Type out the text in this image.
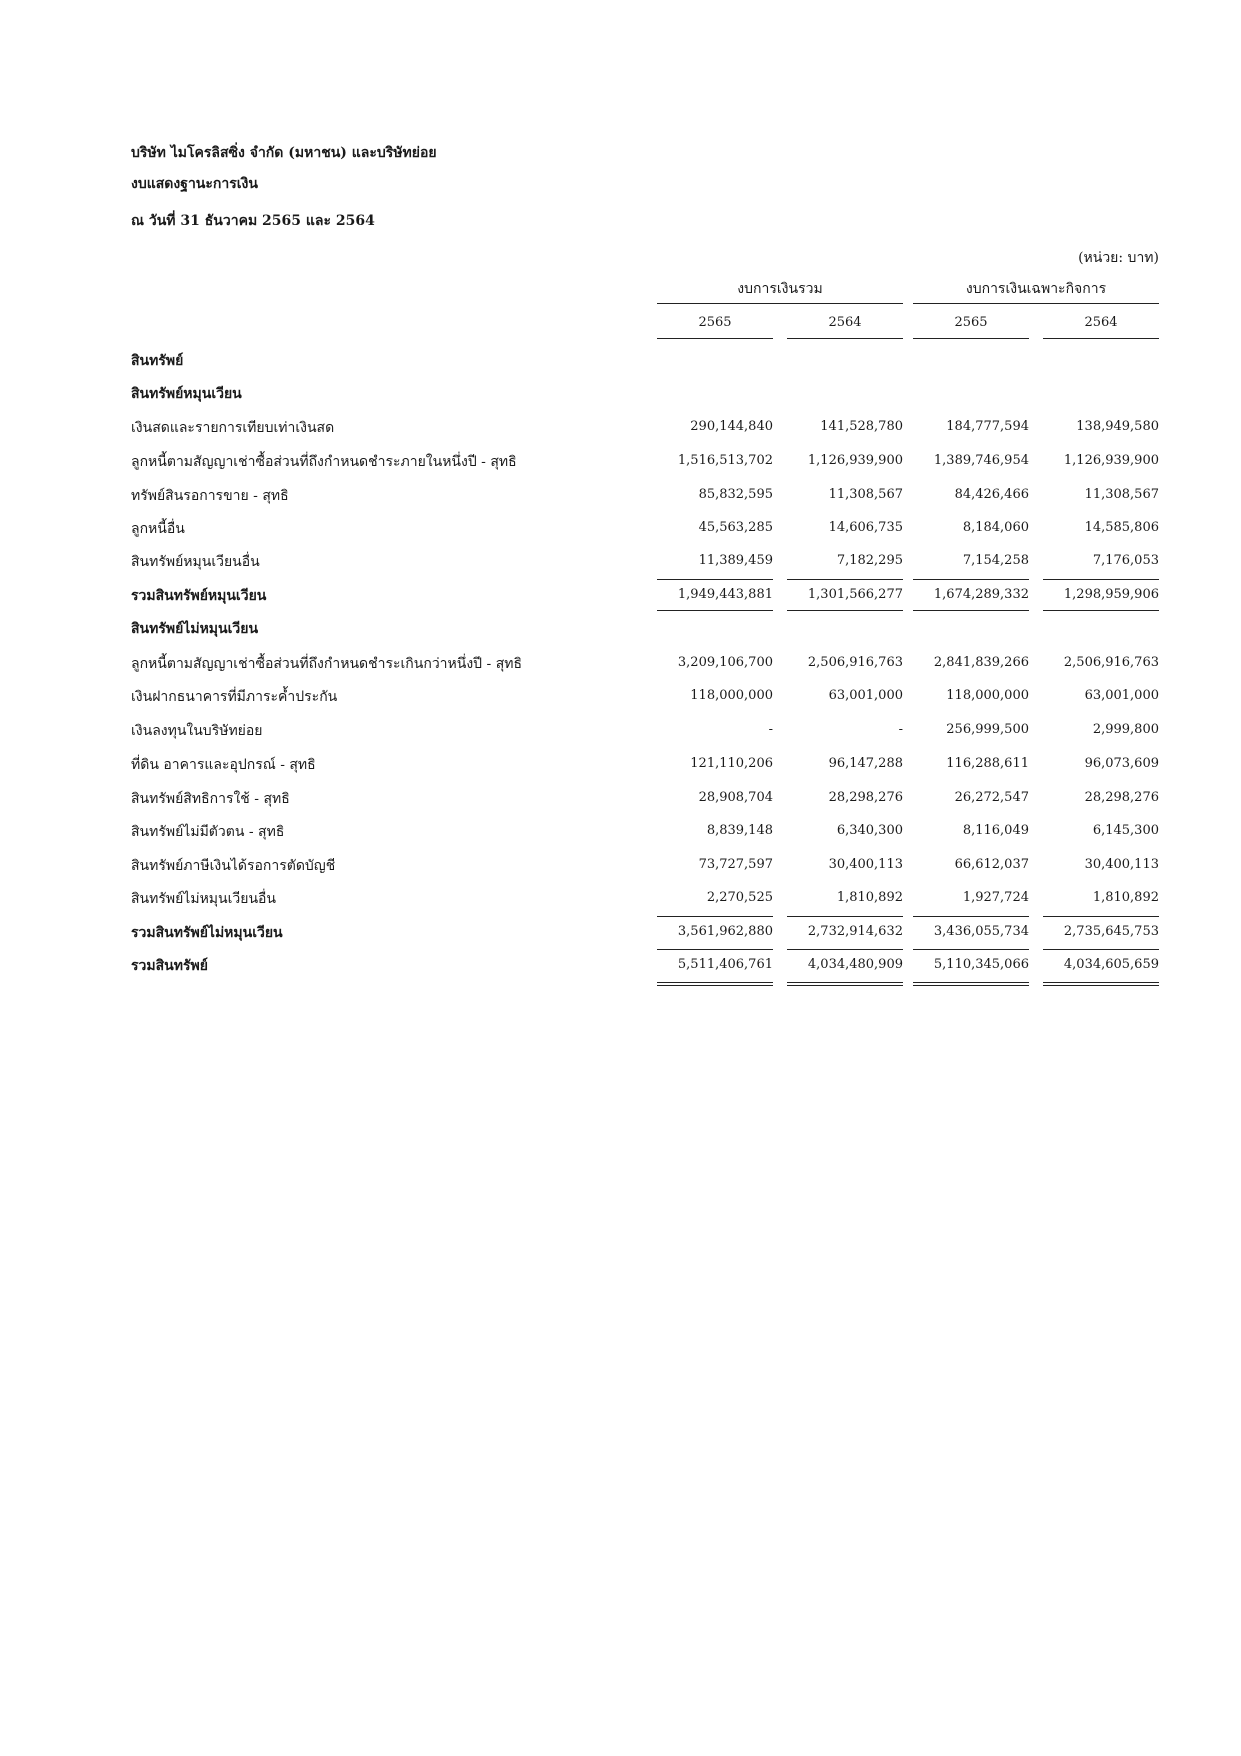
บริษัท ไมโครลิสซิ่ง จำกัด (มหาชน) และบริษัทย่อย
งบแสดงฐานะการเงิน
ณ วันที่ 31 ธันวาคม 2565 และ 2564
(หน่วย: บาท)
งบการเงินรวม	งบการเงินเฉพาะกิจการ
2565	2564	2565	2564
สินทรัพย์
สินทรัพย์หมุนเวียน
เงินสดและรายการเทียบเท่าเงินสด	290,144,840	141,528,780	184,777,594	138,949,580
ลูกหนี้ตามสัญญาเช่าซื้อส่วนที่ถึงกำหนดชำระภายในหนึ่งปี - สุทธิ	1,516,513,702	1,126,939,900	1,389,746,954	1,126,939,900
ทรัพย์สินรอการขาย - สุทธิ	85,832,595	11,308,567	84,426,466	11,308,567
ลูกหนี้อื่น	45,563,285	14,606,735	8,184,060	14,585,806
สินทรัพย์หมุนเวียนอื่น	11,389,459	7,182,295	7,154,258	7,176,053
รวมสินทรัพย์หมุนเวียน	1,949,443,881	1,301,566,277	1,674,289,332	1,298,959,906
สินทรัพย์ไม่หมุนเวียน
ลูกหนี้ตามสัญญาเช่าซื้อส่วนที่ถึงกำหนดชำระเกินกว่าหนึ่งปี - สุทธิ	3,209,106,700	2,506,916,763	2,841,839,266	2,506,916,763
เงินฝากธนาคารที่มีภาระค้ำประกัน	118,000,000	63,001,000	118,000,000	63,001,000
เงินลงทุนในบริษัทย่อย	-	-	256,999,500	2,999,800
ที่ดิน อาคารและอุปกรณ์ - สุทธิ	121,110,206	96,147,288	116,288,611	96,073,609
สินทรัพย์สิทธิการใช้ - สุทธิ	28,908,704	28,298,276	26,272,547	28,298,276
สินทรัพย์ไม่มีตัวตน - สุทธิ	8,839,148	6,340,300	8,116,049	6,145,300
สินทรัพย์ภาษีเงินได้รอการตัดบัญชี	73,727,597	30,400,113	66,612,037	30,400,113
สินทรัพย์ไม่หมุนเวียนอื่น	2,270,525	1,810,892	1,927,724	1,810,892
รวมสินทรัพย์ไม่หมุนเวียน	3,561,962,880	2,732,914,632	3,436,055,734	2,735,645,753
รวมสินทรัพย์	5,511,406,761	4,034,480,909	5,110,345,066	4,034,605,659
